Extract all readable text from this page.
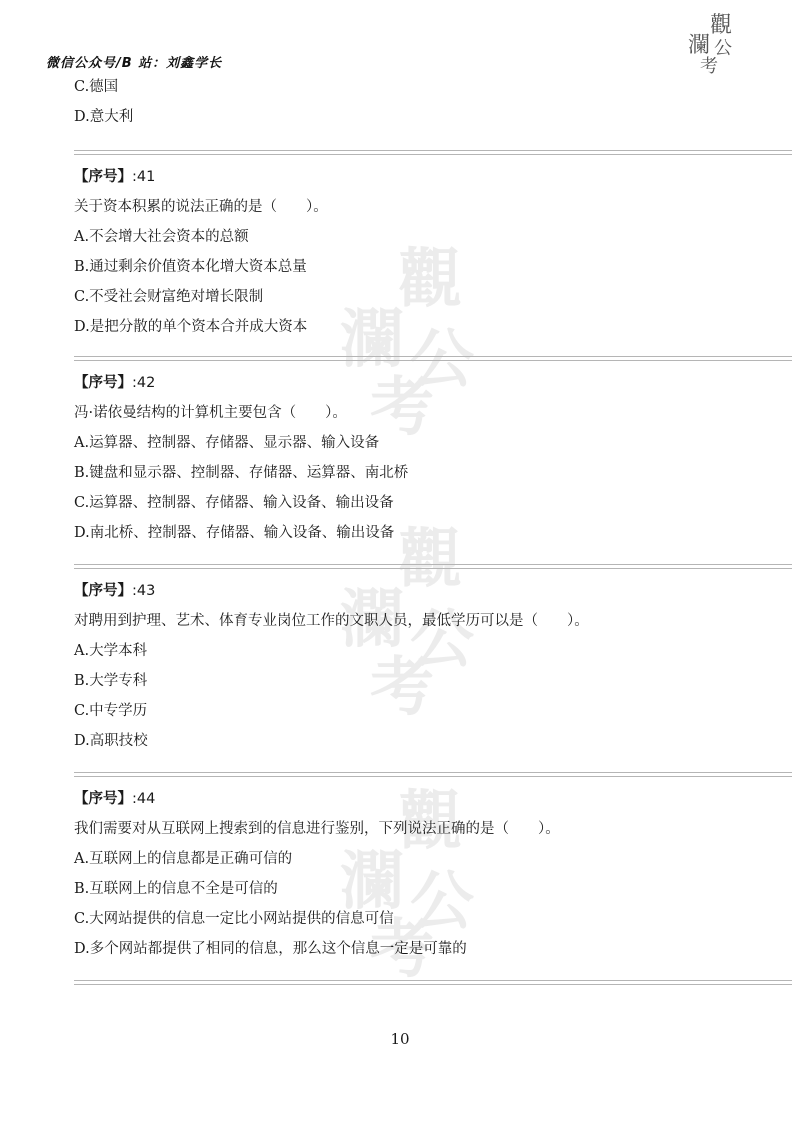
微信公众号/B 站：刘鑫学长
觀
瀾 公
考
觀
瀾 公
考
觀
瀾 公
考
觀
瀾 公
考
C.德国
D.意大利
【序号】:41
关于资本积累的说法正确的是（　　）。
A.不会增大社会资本的总额
B.通过剩余价值资本化增大资本总量
C.不受社会财富绝对增长限制
D.是把分散的单个资本合并成大资本
【序号】:42
冯·诺依曼结构的计算机主要包含（　　）。
A.运算器、控制器、存储器、显示器、输入设备
B.键盘和显示器、控制器、存储器、运算器、南北桥
C.运算器、控制器、存储器、输入设备、输出设备
D.南北桥、控制器、存储器、输入设备、输出设备
【序号】:43
对聘用到护理、艺术、体育专业岗位工作的文职人员，最低学历可以是（　　）。
A.大学本科
B.大学专科
C.中专学历
D.高职技校
【序号】:44
我们需要对从互联网上搜索到的信息进行鉴别，下列说法正确的是（　　）。
A.互联网上的信息都是正确可信的
B.互联网上的信息不全是可信的
C.大网站提供的信息一定比小网站提供的信息可信
D.多个网站都提供了相同的信息，那么这个信息一定是可靠的
10
